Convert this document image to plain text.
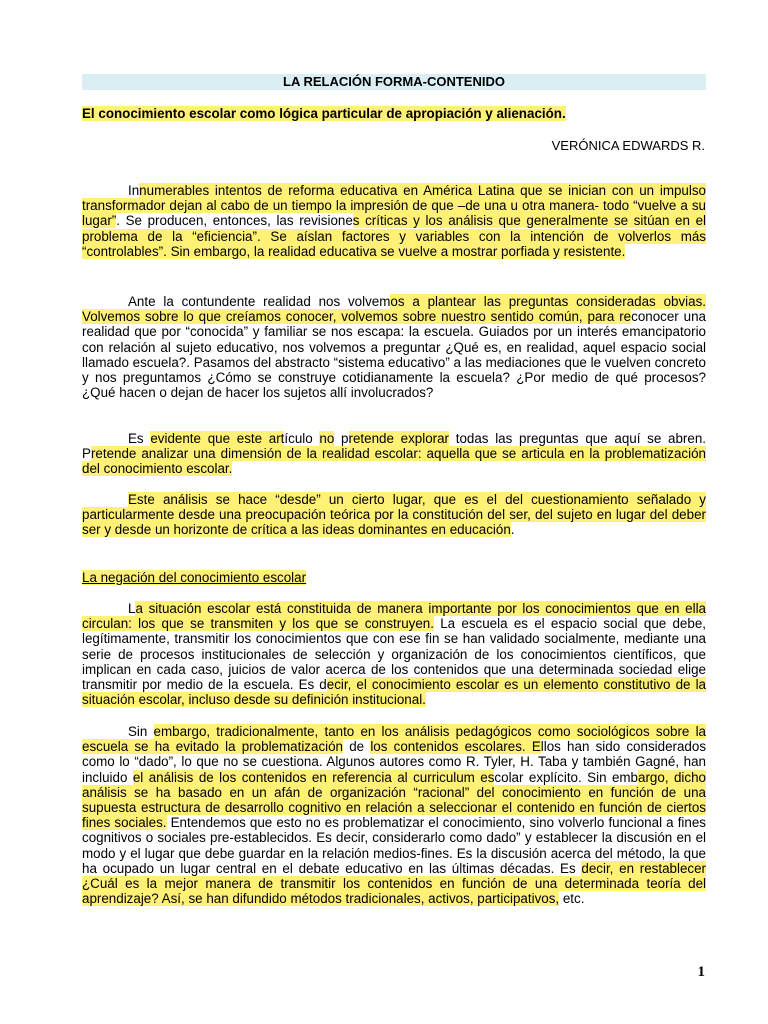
LA RELACIÓN FORMA-CONTENIDO
El conocimiento escolar como lógica particular de apropiación y alienación.
VERÓNICA EDWARDS R.

Innumerables intentos de reforma educativa en América Latina que se inician con un impulso transformador dejan al cabo de un tiempo la impresión de que –de una u otra manera- todo “vuelve a su lugar”. Se producen, entonces, las revisiones críticas y los análisis que generalmente se sitúan en el problema de la “eficiencia”. Se aíslan factores y variables con la intención de volverlos más “controlables”. Sin embargo, la realidad educativa se vuelve a mostrar porfiada y resistente.

Ante la contundente realidad nos volvemos a plantear las preguntas consideradas obvias. Volvemos sobre lo que creíamos conocer, volvemos sobre nuestro sentido común, para reconocer una realidad que por “conocida” y familiar se nos escapa: la escuela. Guiados por un interés emancipatorio con relación al sujeto educativo, nos volvemos a preguntar ¿Qué es, en realidad, aquel espacio social llamado escuela?. Pasamos del abstracto “sistema educativo” a las mediaciones que le vuelven concreto y nos preguntamos ¿Cómo se construye cotidianamente la escuela? ¿Por medio de qué procesos? ¿Qué hacen o dejan de hacer los sujetos allí involucrados?

Es evidente que este artículo no pretende explorar todas las preguntas que aquí se abren. Pretende analizar una dimensión de la realidad escolar: aquella que se articula en la problematización del conocimiento escolar.

Este análisis se hace “desde” un cierto lugar, que es el del cuestionamiento señalado y particularmente desde una preocupación teórica por la constitución del ser, del sujeto en lugar del deber ser y desde un horizonte de crítica a las ideas dominantes en educación.

La negación del conocimiento escolar

La situación escolar está constituida de manera importante por los conocimientos que en ella circulan: los que se transmiten y los que se construyen. La escuela es el espacio social que debe, legítimamente, transmitir los conocimientos que con ese fin se han validado socialmente, mediante una serie de procesos institucionales de selección y organización de los conocimientos científicos, que implican en cada caso, juicios de valor acerca de los contenidos que una determinada sociedad elige transmitir por medio de la escuela. Es decir, el conocimiento escolar es un elemento constitutivo de la situación escolar, incluso desde su definición institucional.

Sin embargo, tradicionalmente, tanto en los análisis pedagógicos como sociológicos sobre la escuela se ha evitado la problematización de los contenidos escolares. Ellos han sido considerados como lo “dado”, lo que no se cuestiona. Algunos autores como R. Tyler, H. Taba y también Gagné, han incluido el análisis de los contenidos en referencia al curriculum escolar explícito. Sin embargo, dicho análisis se ha basado en un afán de organización “racional” del conocimiento en función de una supuesta estructura de desarrollo cognitivo en relación a seleccionar el contenido en función de ciertos fines sociales. Entendemos que esto no es problematizar el conocimiento, sino volverlo funcional a fines cognitivos o sociales pre-establecidos. Es decir, considerarlo como dado” y establecer la discusión en el modo y el lugar que debe guardar en la relación medios-fines. Es la discusión acerca del método, la que ha ocupado un lugar central en el debate educativo en las últimas décadas. Es decir, en restablecer ¿Cuál es la mejor manera de transmitir los contenidos en función de una determinada teoría del aprendizaje? Así, se han difundido métodos tradicionales, activos, participativos, etc.

1
